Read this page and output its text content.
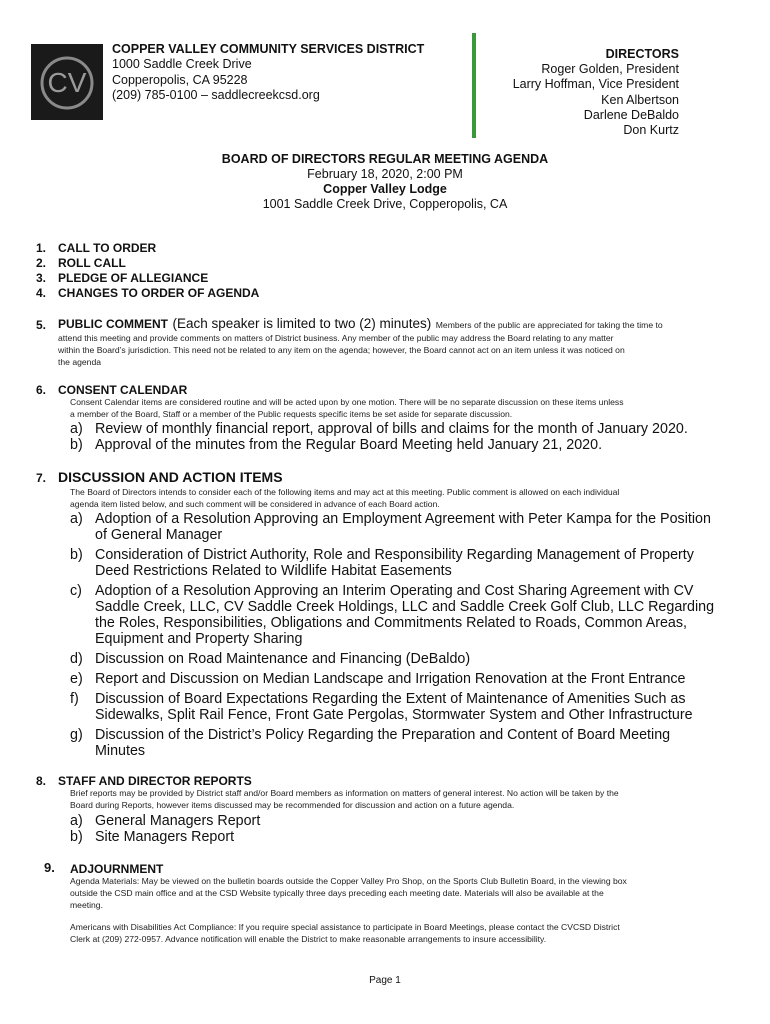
CV
COPPER VALLEY COMMUNITY SERVICES DISTRICT
1000 Saddle Creek Drive
Copperopolis, CA 95228
(209) 785-0100 – saddlecreekcsd.org
DIRECTORS
Roger Golden, President
Larry Hoffman, Vice President
Ken Albertson
Darlene DeBaldo
Don Kurtz
BOARD OF DIRECTORS REGULAR MEETING AGENDA
February 18, 2020, 2:00 PM
Copper Valley Lodge
1001 Saddle Creek Drive, Copperopolis, CA
1. CALL TO ORDER
2. ROLL CALL
3. PLEDGE OF ALLEGIANCE
4. CHANGES TO ORDER OF AGENDA
5. PUBLIC COMMENT (Each speaker is limited to two (2) minutes) Members of the public are appreciated for taking the time to
attend this meeting and provide comments on matters of District business. Any member of the public may address the Board relating to any matter
within the Board’s jurisdiction. This need not be related to any item on the agenda; however, the Board cannot act on an item unless it was noticed on
the agenda
6. CONSENT CALENDAR
Consent Calendar items are considered routine and will be acted upon by one motion. There will be no separate discussion on these items unless
a member of the Board, Staff or a member of the Public requests specific items be set aside for separate discussion.
a) Review of monthly financial report, approval of bills and claims for the month of January 2020.
b) Approval of the minutes from the Regular Board Meeting held January 21, 2020.
7. DISCUSSION AND ACTION ITEMS
The Board of Directors intends to consider each of the following items and may act at this meeting. Public comment is allowed on each individual
agenda item listed below, and such comment will be considered in advance of each Board action.
a) Adoption of a Resolution Approving an Employment Agreement with Peter Kampa for the Position of General Manager
b) Consideration of District Authority, Role and Responsibility Regarding Management of Property Deed Restrictions Related to Wildlife Habitat Easements
c) Adoption of a Resolution Approving an Interim Operating and Cost Sharing Agreement with CV Saddle Creek, LLC, CV Saddle Creek Holdings, LLC and Saddle Creek Golf Club, LLC Regarding the Roles, Responsibilities, Obligations and Commitments Related to Roads, Common Areas, Equipment and Property Sharing
d) Discussion on Road Maintenance and Financing (DeBaldo)
e) Report and Discussion on Median Landscape and Irrigation Renovation at the Front Entrance
f)	Discussion of Board Expectations Regarding the Extent of Maintenance of Amenities Such as Sidewalks, Split Rail Fence, Front Gate Pergolas, Stormwater System and Other Infrastructure
g) Discussion of the District’s Policy Regarding the Preparation and Content of Board Meeting Minutes
8. STAFF AND DIRECTOR REPORTS
Brief reports may be provided by District staff and/or Board members as information on matters of general interest. No action will be taken by the
Board during Reports, however items discussed may be recommended for discussion and action on a future agenda.
a) General Managers Report
b) Site Managers Report
9. ADJOURNMENT
Agenda Materials: May be viewed on the bulletin boards outside the Copper Valley Pro Shop, on the Sports Club Bulletin Board, in the viewing box
outside the CSD main office and at the CSD Website typically three days preceding each meeting date. Materials will also be available at the
meeting.
Americans with Disabilities Act Compliance: If you require special assistance to participate in Board Meetings, please contact the CVCSD District
Clerk at (209) 272-0957. Advance notification will enable the District to make reasonable arrangements to insure accessibility.
Page 1
